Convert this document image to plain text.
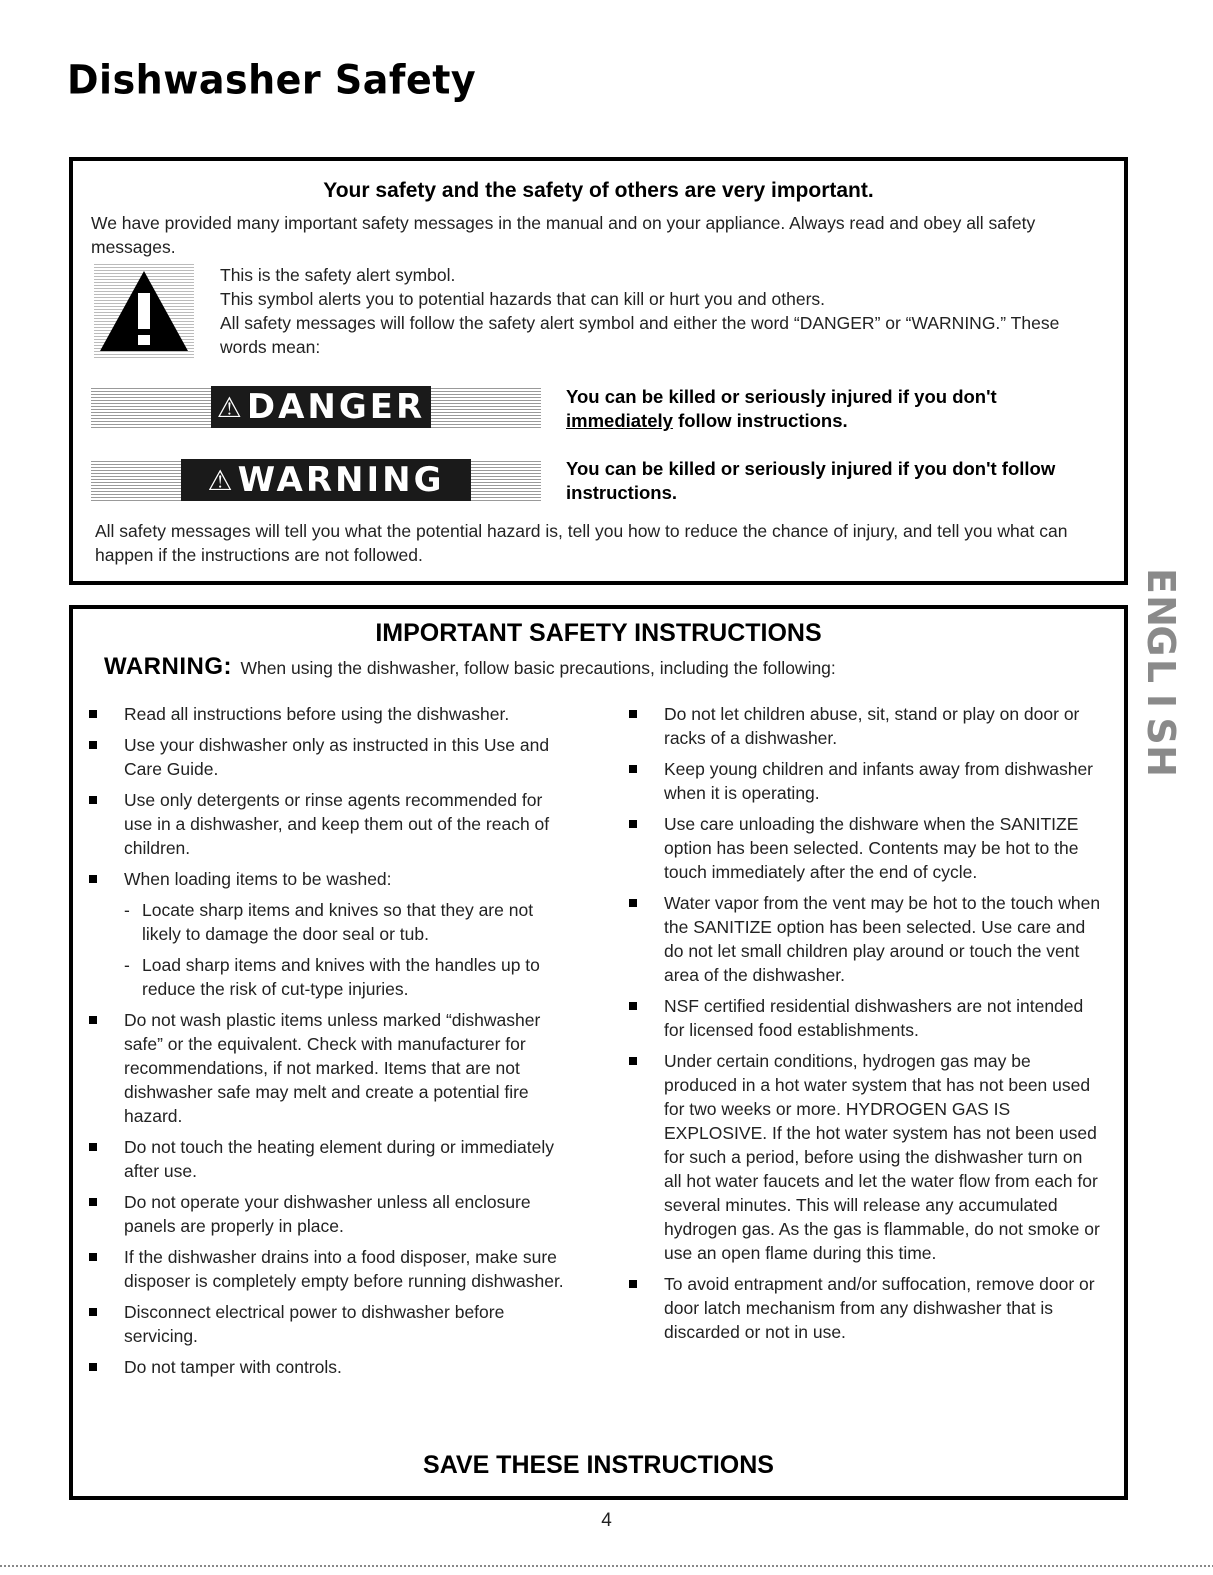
Dishwasher Safety
Your safety and the safety of others are very important.
We have provided many important safety messages in the manual and on your appliance. Always read and obey all safety messages.
This is the safety alert symbol.
This symbol alerts you to potential hazards that can kill or hurt you and others.
All safety messages will follow the safety alert symbol and either the word “DANGER” or “WARNING.” These words mean:
⚠ DANGER	You can be killed or seriously injured if you don't
immediately follow instructions.
⚠ WARNING	You can be killed or seriously injured if you don't follow instructions.
All safety messages will tell you what the potential hazard is, tell you how to reduce the chance of injury, and tell you what can happen if the instructions are not followed.
E
N
G
L
I
S
H
IMPORTANT SAFETY INSTRUCTIONS
WARNING: When using the dishwasher, follow basic precautions, including the following:
Read all instructions before using the dishwasher.
Use your dishwasher only as instructed in this Use and Care Guide.
Use only detergents or rinse agents recommended for use in a dishwasher, and keep them out of the reach of children.
When loading items to be washed:
- Locate sharp items and knives so that they are not likely to damage the door seal or tub.
- Load sharp items and knives with the handles up to reduce the risk of cut-type injuries.
Do not wash plastic items unless marked “dishwasher safe” or the equivalent. Check with manufacturer for recommendations, if not marked. Items that are not dishwasher safe may melt and create a potential fire hazard.
Do not touch the heating element during or immediately after use.
Do not operate your dishwasher unless all enclosure panels are properly in place.
If the dishwasher drains into a food disposer, make sure disposer is completely empty before running dishwasher.
Disconnect electrical power to dishwasher before servicing.
Do not tamper with controls.
Do not let children abuse, sit, stand or play on door or racks of a dishwasher.
Keep young children and infants away from dishwasher when it is operating.
Use care unloading the dishware when the SANITIZE option has been selected. Contents may be hot to the touch immediately after the end of cycle.
Water vapor from the vent may be hot to the touch when the SANITIZE option has been selected. Use care and do not let small children play around or touch the vent area of the dishwasher.
NSF certified residential dishwashers are not intended for licensed food establishments.
Under certain conditions, hydrogen gas may be produced in a hot water system that has not been used for two weeks or more. HYDROGEN GAS IS EXPLOSIVE. If the hot water system has not been used for such a period, before using the dishwasher turn on all hot water faucets and let the water flow from each for several minutes. This will release any accumulated hydrogen gas. As the gas is flammable, do not smoke or use an open flame during this time.
To avoid entrapment and/or suffocation, remove door or door latch mechanism from any dishwasher that is discarded or not in use.
SAVE THESE INSTRUCTIONS
4
